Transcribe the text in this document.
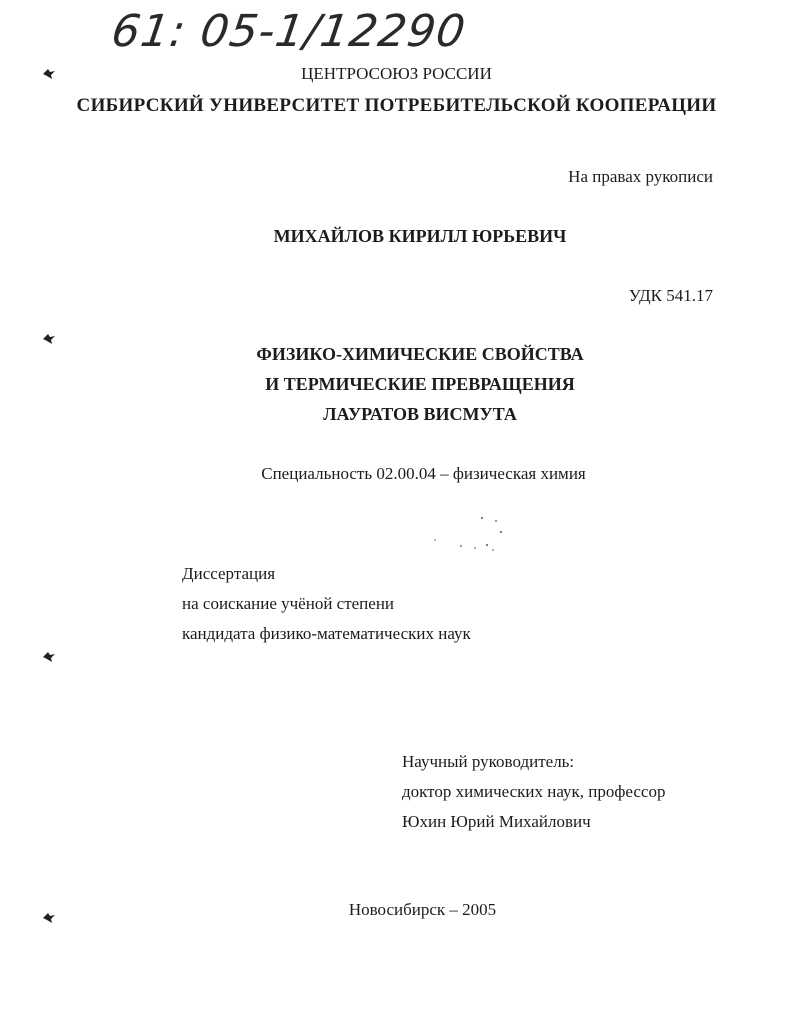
61: 05-1/12290
ЦЕНТРОСОЮЗ РОССИИ
СИБИРСКИЙ УНИВЕРСИТЕТ ПОТРЕБИТЕЛЬСКОЙ КООПЕРАЦИИ
На правах рукописи
МИХАЙЛОВ КИРИЛЛ ЮРЬЕВИЧ
УДК 541.17
ФИЗИКО-ХИМИЧЕСКИЕ СВОЙСТВА
И ТЕРМИЧЕСКИЕ ПРЕВРАЩЕНИЯ
ЛАУРАТОВ ВИСМУТА
Специальность 02.00.04 – физическая химия
Диссертация
на соискание учёной степени
кандидата физико-математических наук
Научный руководитель:
доктор химических наук, профессор
Юхин Юрий Михайлович
Новосибирск – 2005
